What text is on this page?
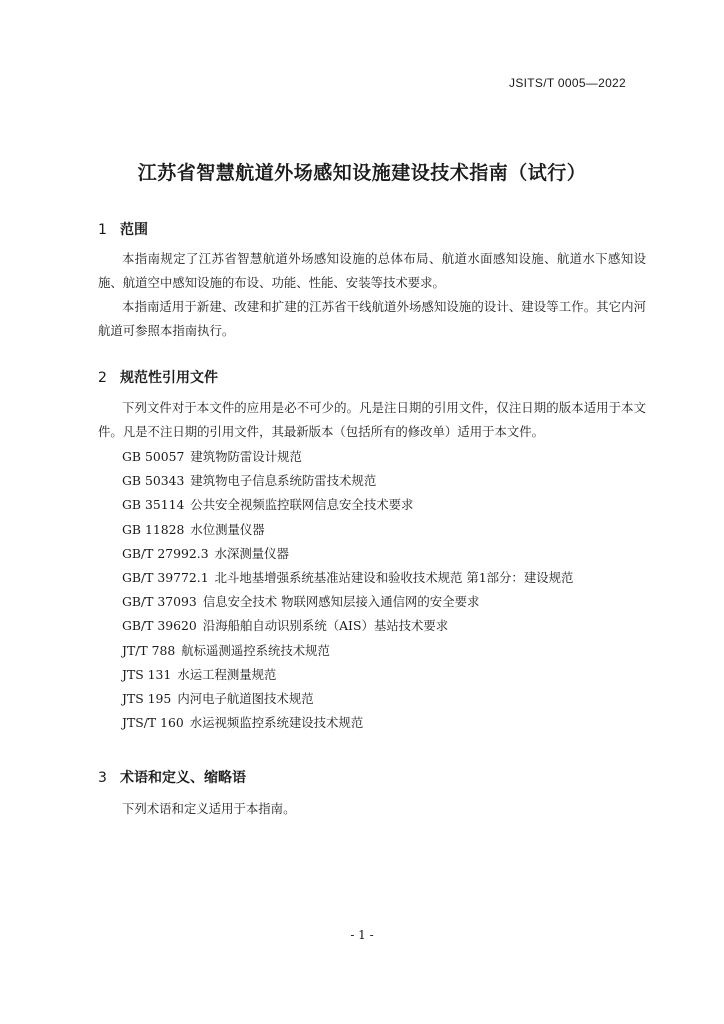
JSITS/T 0005—2022
江苏省智慧航道外场感知设施建设技术指南（试行）
1 范围
本指南规定了江苏省智慧航道外场感知设施的总体布局、航道水面感知设施、航道水下感知设施、航道空中感知设施的布设、功能、性能、安装等技术要求。
本指南适用于新建、改建和扩建的江苏省干线航道外场感知设施的设计、建设等工作。其它内河航道可参照本指南执行。
2 规范性引用文件
下列文件对于本文件的应用是必不可少的。凡是注日期的引用文件，仅注日期的版本适用于本文件。凡是不注日期的引用文件，其最新版本（包括所有的修改单）适用于本文件。
GB 50057 建筑物防雷设计规范
GB 50343 建筑物电子信息系统防雷技术规范
GB 35114 公共安全视频监控联网信息安全技术要求
GB 11828 水位测量仪器
GB/T 27992.3 水深测量仪器
GB/T 39772.1 北斗地基增强系统基准站建设和验收技术规范 第1部分：建设规范
GB/T 37093 信息安全技术 物联网感知层接入通信网的安全要求
GB/T 39620 沿海船舶自动识别系统（AIS）基站技术要求
JT/T 788 航标遥测遥控系统技术规范
JTS 131 水运工程测量规范
JTS 195 内河电子航道图技术规范
JTS/T 160 水运视频监控系统建设技术规范
3 术语和定义、缩略语
下列术语和定义适用于本指南。
- 1 -
